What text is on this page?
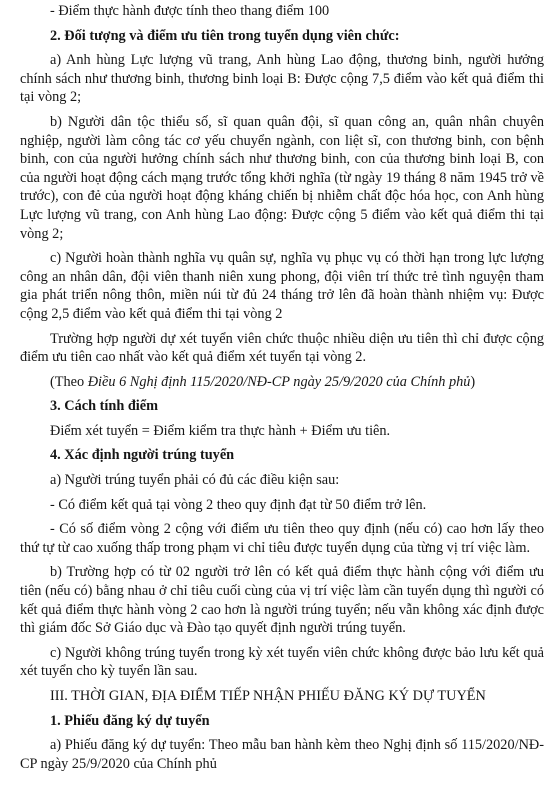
- Điểm thực hành được tính theo thang điểm 100

2. Đối tượng và điểm ưu tiên trong tuyển dụng viên chức:

a) Anh hùng Lực lượng vũ trang, Anh hùng Lao động, thương binh, người hưởng chính sách như thương binh, thương binh loại B: Được cộng 7,5 điểm vào kết quả điểm thi tại vòng 2;

b) Người dân tộc thiểu số, sĩ quan quân đội, sĩ quan công an, quân nhân chuyên nghiệp, người làm công tác cơ yếu chuyển ngành, con liệt sĩ, con thương binh, con bệnh binh, con của người hưởng chính sách như thương binh, con của thương binh loại B, con của người hoạt động cách mạng trước tổng khởi nghĩa (từ ngày 19 tháng 8 năm 1945 trở về trước), con đẻ của người hoạt động kháng chiến bị nhiễm chất độc hóa học, con Anh hùng Lực lượng vũ trang, con Anh hùng Lao động: Được cộng 5 điểm vào kết quả điểm thi tại vòng 2;

c) Người hoàn thành nghĩa vụ quân sự, nghĩa vụ phục vụ có thời hạn trong lực lượng công an nhân dân, đội viên thanh niên xung phong, đội viên trí thức trẻ tình nguyện tham gia phát triển nông thôn, miền núi từ đủ 24 tháng trở lên đã hoàn thành nhiệm vụ: Được cộng 2,5 điểm vào kết quả điểm thi tại vòng 2

Trường hợp người dự xét tuyển viên chức thuộc nhiều diện ưu tiên thì chỉ được cộng điểm ưu tiên cao nhất vào kết quả điểm xét tuyển tại vòng 2.

(Theo Điều 6 Nghị định 115/2020/NĐ-CP ngày 25/9/2020 của Chính phủ)

3. Cách tính điểm

Điểm xét tuyển = Điểm kiểm tra thực hành + Điểm ưu tiên.

4. Xác định người trúng tuyển

a) Người trúng tuyển phải có đủ các điều kiện sau:

- Có điểm kết quả tại vòng 2 theo quy định đạt từ 50 điểm trở lên.

- Có số điểm vòng 2 cộng với điểm ưu tiên theo quy định (nếu có) cao hơn lấy theo thứ tự từ cao xuống thấp trong phạm vi chỉ tiêu được tuyển dụng của từng vị trí việc làm.

b) Trường hợp có từ 02 người trở lên có kết quả điểm thực hành cộng với điểm ưu tiên (nếu có) bằng nhau ở chỉ tiêu cuối cùng của vị trí việc làm cần tuyển dụng thì người có kết quả điểm thực hành vòng 2 cao hơn là người trúng tuyển; nếu vẫn không xác định được thì giám đốc Sở Giáo dục và Đào tạo quyết định người trúng tuyển.

c) Người không trúng tuyển trong kỳ xét tuyển viên chức không được bảo lưu kết quả xét tuyển cho kỳ tuyển lần sau.

III. THỜI GIAN, ĐỊA ĐIỂM TIẾP NHẬN PHIẾU ĐĂNG KÝ DỰ TUYỂN

1. Phiếu đăng ký dự tuyển

a) Phiếu đăng ký dự tuyển: Theo mẫu ban hành kèm theo Nghị định số 115/2020/NĐ-CP ngày 25/9/2020 của Chính phủ
